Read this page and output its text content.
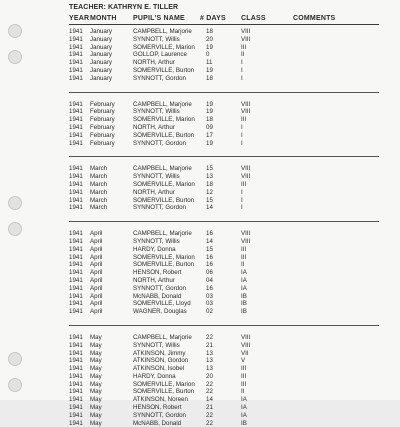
TEACHER: KATHRYN E. TILLER
YEAR MONTH PUPIL'S NAME # DAYS CLASS	COMMENTS
1941 January	CAMPBELL, Marjorie 18	VIII
1941 January	SYNNOTT, Willis	20	VIII
1941 January	SOMERVILLE, Marion 19	III
1941 January	GOLLOP, Laurence	0	II
1941 January	NORTH, Arthur	11	I
1941 January	SOMERVILLE, Burton 19	I
1941 January	SYNNOTT, Gordon	18	I
1941 February	CAMPBELL, Marjorie 19	VIII
1941 February	SYNNOTT, Willis	19	VIII
1941 February	SOMERVILLE, Marion 18	III
1941 February	NORTH, Arthur	09	I
1941 February	SOMERVILLE, Burton 17	I
1941 February	SYNNOTT, Gordon	19	I
1941 March	CAMPBELL, Marjorie 15	VIII
1941 March	SYNNOTT, Willis	13	VIII
1941 March	SOMERVILLE, Marion 18	III
1941 March	NORTH, Arthur	12	I
1941 March	SOMERVILLE, Burton 15	I
1941 March	SYNNOTT, Gordon	14	I
1941 April	CAMPBELL, Marjorie 16	VIII
1941 April	SYNNOTT, Willis	14	VIII
1941 April	HARDY, Donna	15	III
1941 April	SOMERVILLE, Marion 16	III
1941 April	SOMERVILLE, Burton 16	II
1941 April	HENSON, Robert	06	IA
1941 April	NORTH, Arthur	04	IA
1941 April	SYNNOTT, Gordon	16	IA
1941 April	McNABB, Donald	03	IB
1941 April	SOMERVILLE, Lloyd 03	IB
1941 April	WAGNER, Douglas	02	IB
1941 May	CAMPBELL, Marjorie 22	VIII
1941 May	SYNNOTT, Willis	21	VIII
1941 May	ATKINSON, Jimmy	13	VII
1941 May	ATKINSON, Gordon	13	V
1941 May	ATKINSON, Isobel	13	III
1941 May	HARDY, Donna	20	III
1941 May	SOMERVILLE, Marion 22	III
1941 May	SOMERVILLE, Burton 22	II
1941 May	ATKINSON, Noreen	14	IA
1941 May	HENSON, Robert	21	IA
1941 May	SYNNOTT, Gordon	22	IA
1941 May	McNABB, Donald	22	IB
